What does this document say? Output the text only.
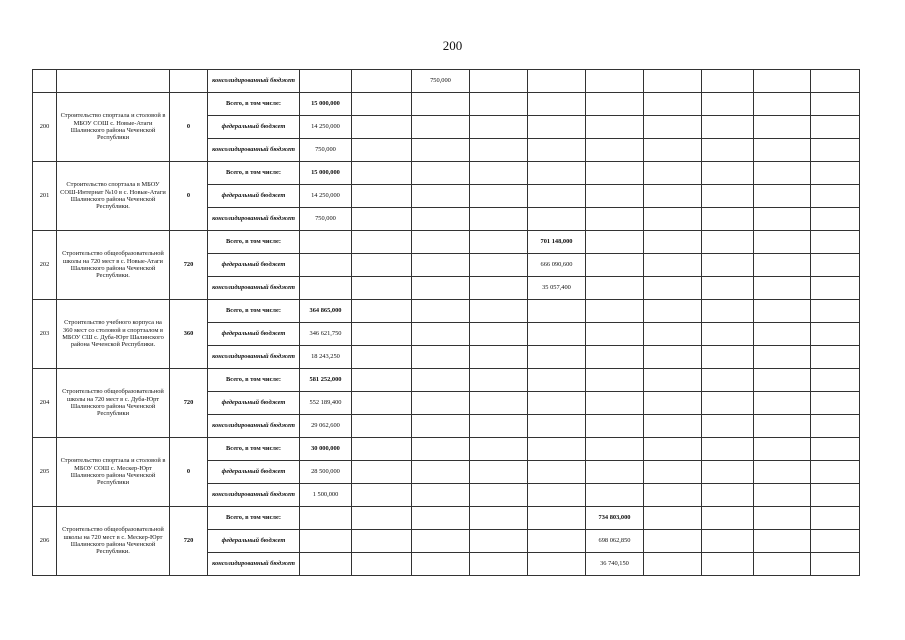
200
			консолидированный бюджет			750,000							
200	Строительство спортзала и столовой в МБОУ СОШ с. Новые-Атаги Шалинского района Чеченской Республики	0	Всего, в том числе:	15 000,000									
			федеральный бюджет	14 250,000									
			консолидированный бюджет	750,000									
201	Строительство спортзала в МБОУ СОШ-Интернат №10 в с. Новые-Атаги Шалинского района Чеченской Республики.	0	Всего, в том числе:	15 000,000									
			федеральный бюджет	14 250,000									
			консолидированный бюджет	750,000									
202	Строительство общеобразовательной школы на 720 мест в с. Новые-Атаги Шалинского района Чеченской Республики.	720	Всего, в том числе:					701 148,000					
			федеральный бюджет					666 090,600					
			консолидированный бюджет					35 057,400					
203	Строительство учебного корпуса на 360 мест со столовой и спортзалом в МБОУ СШ с. Дуба-Юрт Шалинского района Чеченской Республики.	360	Всего, в том числе:	364 865,000									
			федеральный бюджет	346 621,750									
			консолидированный бюджет	18 243,250									
204	Строительство общеобразовательной школы на 720 мест в с. Дуба-Юрт Шалинского района Чеченской Республики	720	Всего, в том числе:	581 252,000									
			федеральный бюджет	552 189,400									
			консолидированный бюджет	29 062,600									
205	Строительство спортзала и столовой в МБОУ СОШ с. Мескер-Юрт Шалинского района Чеченской Республики	0	Всего, в том числе:	30 000,000									
			федеральный бюджет	28 500,000									
			консолидированный бюджет	1 500,000									
206	Строительство общеобразовательной школы на 720 мест в с. Мескер-Юрт Шалинского района Чеченской Республики.	720	Всего, в том числе:						734 803,000				
			федеральный бюджет						698 062,850				
			консолидированный бюджет						36 740,150				
